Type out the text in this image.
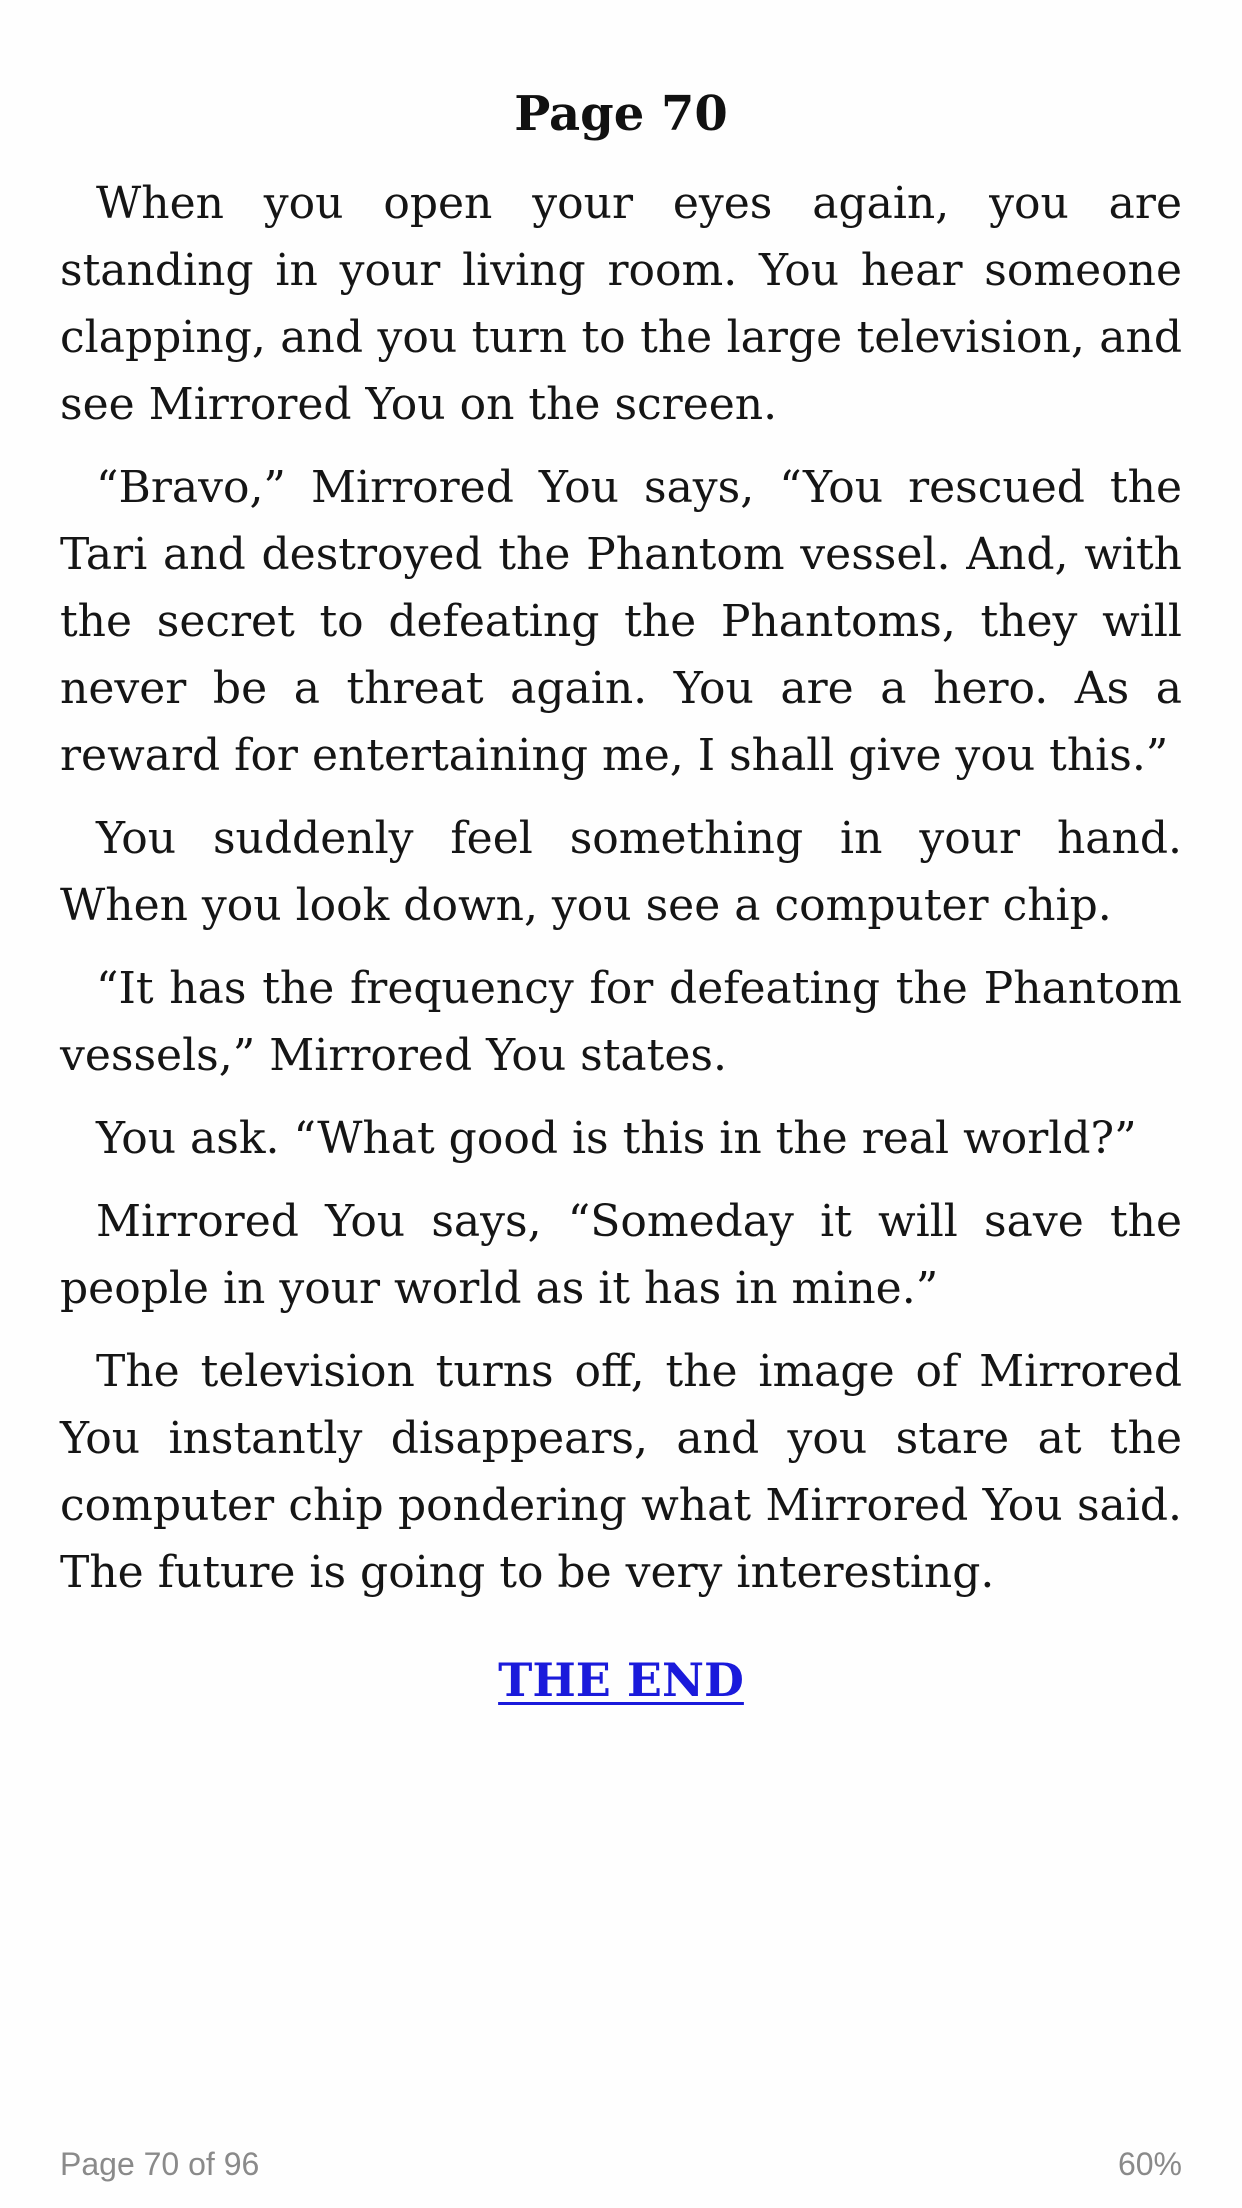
Page 70

When you open your eyes again, you are standing in your living room. You hear someone clapping, and you turn to the large television, and see Mirrored You on the screen.

“Bravo,” Mirrored You says, “You rescued the Tari and destroyed the Phantom vessel. And, with the secret to defeating the Phantoms, they will never be a threat again. You are a hero. As a reward for entertaining me, I shall give you this.”

You suddenly feel something in your hand. When you look down, you see a computer chip.

“It has the frequency for defeating the Phantom vessels,” Mirrored You states.

You ask. “What good is this in the real world?”

Mirrored You says, “Someday it will save the people in your world as it has in mine.”

The television turns off, the image of Mirrored You instantly disappears, and you stare at the computer chip pondering what Mirrored You said. The future is going to be very interesting.

THE END
Page 70 of 96	60%
